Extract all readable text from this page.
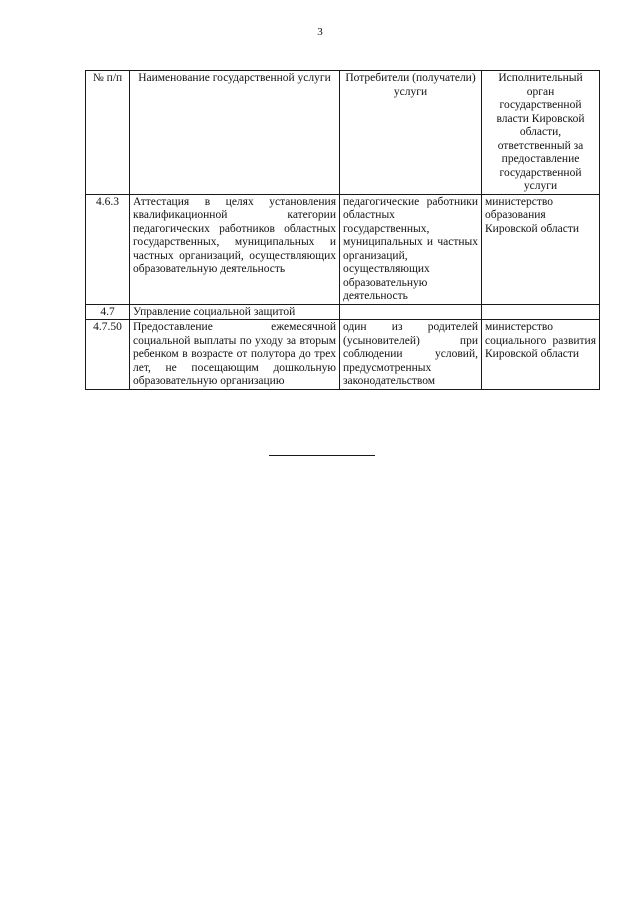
3
№ п/п	Наименование государственной услуги	Потребители (получатели) услуги	Исполнительный орган государственной власти Кировской области, ответственный за предоставление государственной услуги
4.6.3	Аттестация в целях установления квалификационной категории педагогических работников областных государственных, муниципальных и частных организаций, осуществляющих образовательную деятельность	педагогические работники областных государственных, муниципальных и частных организаций, осуществляющих образовательную деятельность	министерство образования Кировской области
4.7	Управление социальной защитой		
4.7.50	Предоставление ежемесячной социальной выплаты по уходу за вторым ребенком в возрасте от полутора до трех лет, не посещающим дошкольную образовательную организацию	один из родителей (усыновителей) при соблюдении условий, предусмотренных законодательством	министерство социального развития Кировской области
